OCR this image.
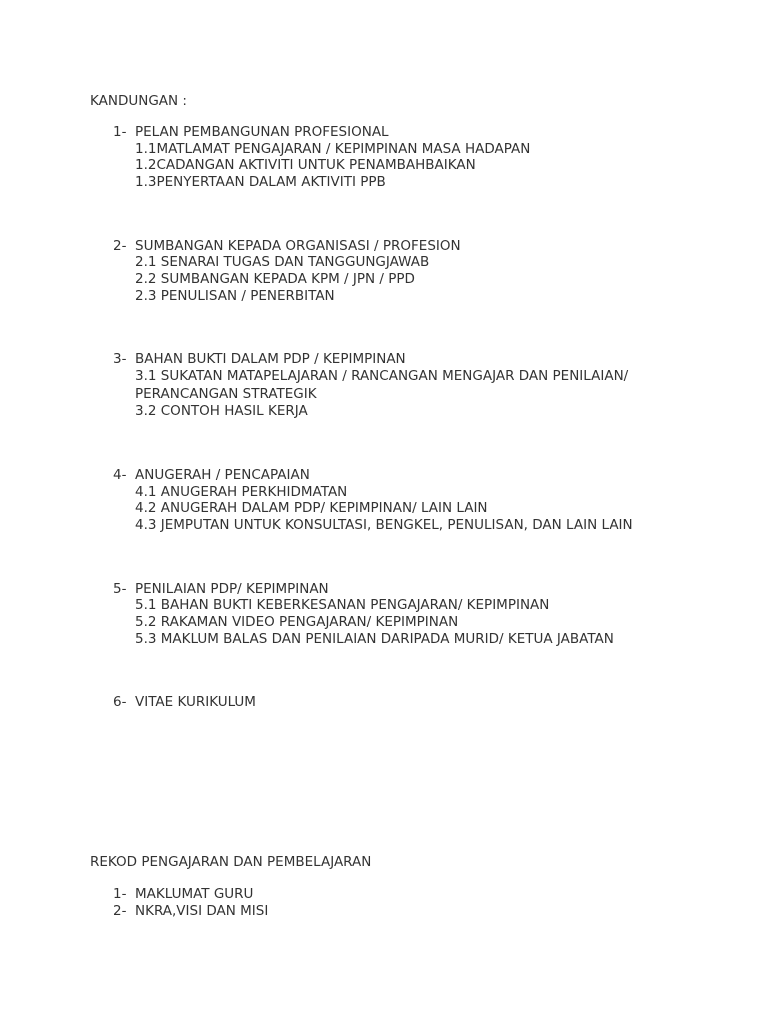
KANDUNGAN :
1- PELAN PEMBANGUNAN PROFESIONAL
1.1MATLAMAT PENGAJARAN / KEPIMPINAN MASA HADAPAN
1.2CADANGAN AKTIVITI UNTUK PENAMBAHBAIKAN
1.3PENYERTAAN DALAM AKTIVITI PPB
2- SUMBANGAN KEPADA ORGANISASI / PROFESION
2.1 SENARAI TUGAS DAN TANGGUNGJAWAB
2.2 SUMBANGAN KEPADA KPM / JPN / PPD
2.3 PENULISAN / PENERBITAN
3- BAHAN BUKTI DALAM PDP / KEPIMPINAN
3.1 SUKATAN MATAPELAJARAN / RANCANGAN MENGAJAR DAN PENILAIAN/
PERANCANGAN STRATEGIK
3.2 CONTOH HASIL KERJA
4- ANUGERAH / PENCAPAIAN
4.1 ANUGERAH PERKHIDMATAN
4.2 ANUGERAH DALAM PDP/ KEPIMPINAN/ LAIN LAIN
4.3 JEMPUTAN UNTUK KONSULTASI, BENGKEL, PENULISAN, DAN LAIN LAIN
5- PENILAIAN PDP/ KEPIMPINAN
5.1 BAHAN BUKTI KEBERKESANAN PENGAJARAN/ KEPIMPINAN
5.2 RAKAMAN VIDEO PENGAJARAN/ KEPIMPINAN
5.3 MAKLUM BALAS DAN PENILAIAN DARIPADA MURID/ KETUA JABATAN
6- VITAE KURIKULUM
REKOD PENGAJARAN DAN PEMBELAJARAN
1- MAKLUMAT GURU
2- NKRA,VISI DAN MISI
